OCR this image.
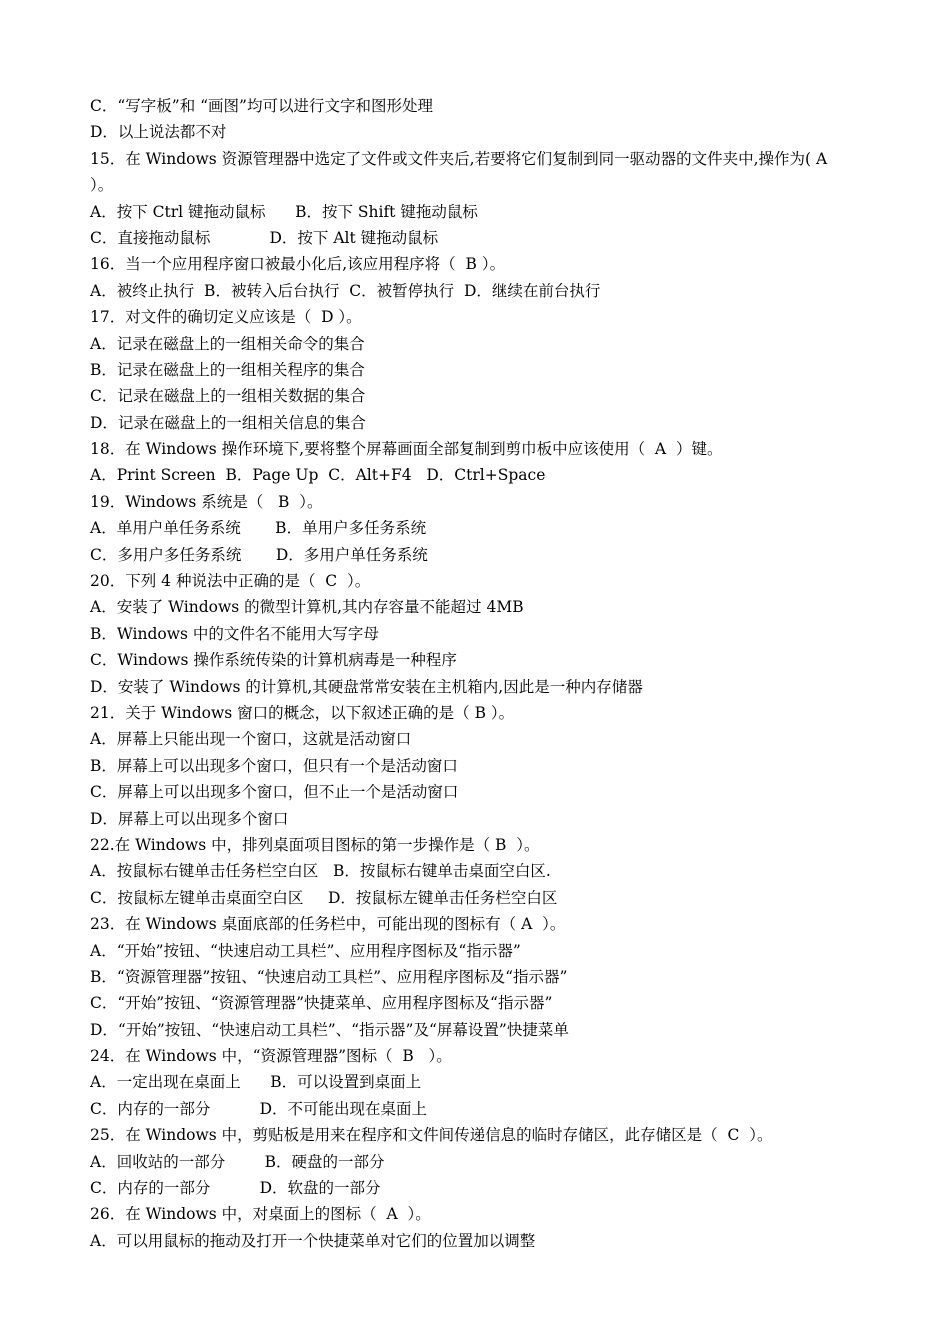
C．“写字板”和 “画图”均可以进行文字和图形处理
D．以上说法都不对
15．在 Windows 资源管理器中选定了文件或文件夹后,若要将它们复制到同一驱动器的文件夹中,操作为( A
）。
A．按下 Ctrl 键拖动鼠标      B．按下 Shift 键拖动鼠标
C．直接拖动鼠标            D．按下 Alt 键拖动鼠标
16．当一个应用程序窗口被最小化后,该应用程序将（  B ）。
A．被终止执行  B．被转入后台执行  C．被暂停执行  D．继续在前台执行
17．对文件的确切定义应该是（  D ）。
A．记录在磁盘上的一组相关命令的集合
B．记录在磁盘上的一组相关程序的集合
C．记录在磁盘上的一组相关数据的集合
D．记录在磁盘上的一组相关信息的集合
18．在 Windows 操作环境下,要将整个屏幕画面全部复制到剪巾板中应该使用（  A  ）键。
A．Print Screen  B．Page Up  C．Alt+F4   D．Ctrl+Space
19．Windows 系统是（   B  ）。
A．单用户单任务系统       B．单用户多任务系统
C．多用户多任务系统       D．多用户单任务系统
20．下列 4 种说法中正确的是（  C  ）。
A．安装了 Windows 的微型计算机,其内存容量不能超过 4MB
B．Windows 中的文件名不能用大写字母
C．Windows 操作系统传染的计算机病毒是一种程序
D．安装了 Windows 的计算机,其硬盘常常安装在主机箱内,因此是一种内存储器
21．关于 Windows 窗口的概念，以下叙述正确的是（ B ）。
A．屏幕上只能出现一个窗口，这就是活动窗口
B．屏幕上可以出现多个窗口，但只有一个是活动窗口
C．屏幕上可以出现多个窗口，但不止一个是活动窗口
D．屏幕上可以出现多个窗口
22.在 Windows 中，排列桌面项目图标的第一步操作是（ B  ）。
A．按鼠标右键单击任务栏空白区   B．按鼠标右键单击桌面空白区.
C．按鼠标左键单击桌面空白区     D．按鼠标左键单击任务栏空白区
23．在 Windows 桌面底部的任务栏中，可能出现的图标有（ A  ）。
A．“开始”按钮、“快速启动工具栏”、应用程序图标及“指示器”
B．“资源管理器”按钮、“快速启动工具栏”、应用程序图标及“指示器”
C．“开始”按钮、“资源管理器”快捷菜单、应用程序图标及“指示器”
D．“开始”按钮、“快速启动工具栏”、“指示器”及“屏幕设置”快捷菜单
24．在 Windows 中，“资源管理器”图标（  B   ）。
A．一定出现在桌面上      B．可以设置到桌面上
C．内存的一部分          D．不可能出现在桌面上
25．在 Windows 中，剪贴板是用来在程序和文件间传递信息的临时存储区，此存储区是（  C  ）。
A．回收站的一部分        B．硬盘的一部分
C．内存的一部分          D．软盘的一部分
26．在 Windows 中，对桌面上的图标（  A  ）。
A．可以用鼠标的拖动及打开一个快捷菜单对它们的位置加以调整
